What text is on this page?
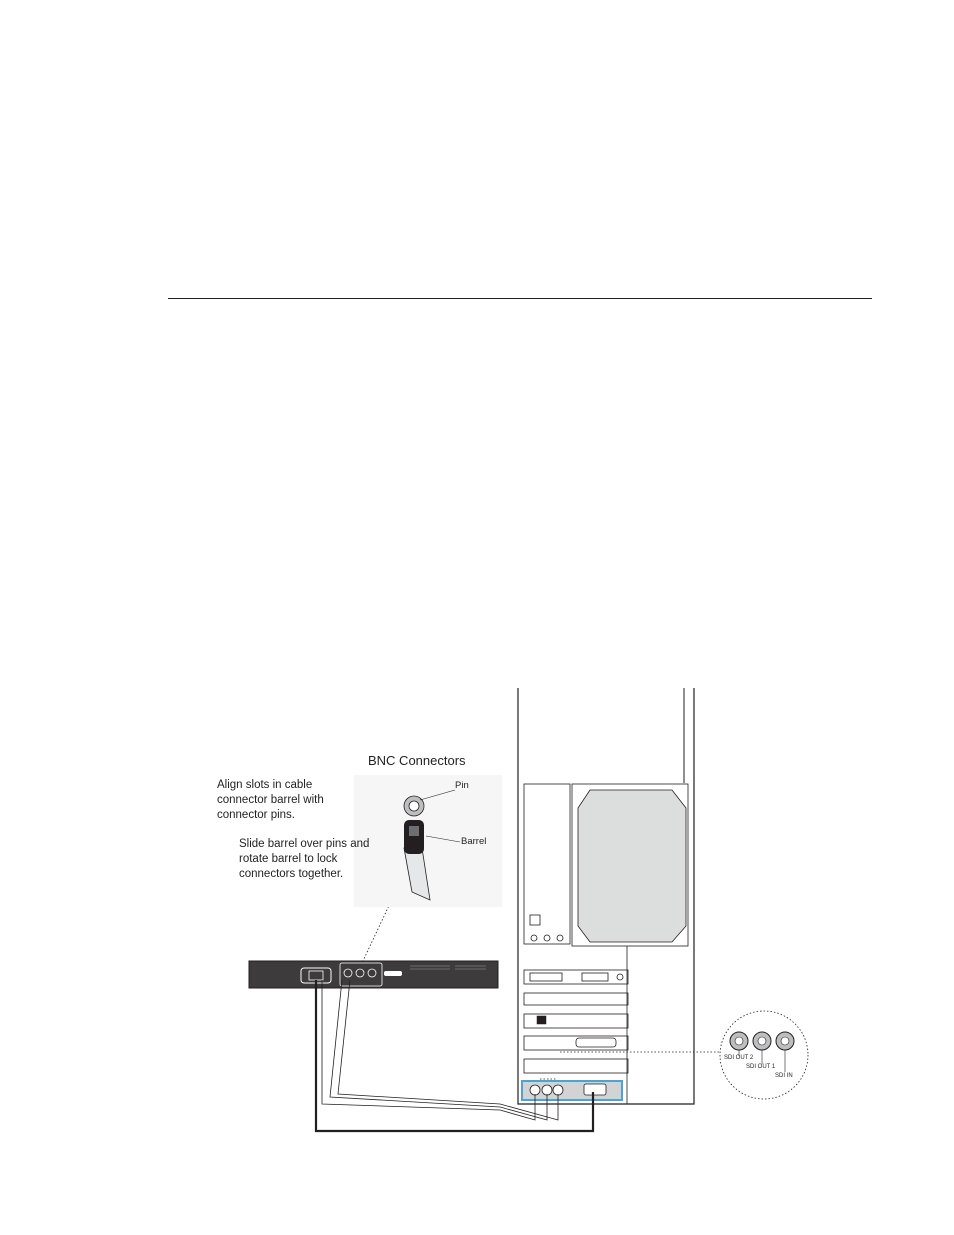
BNC Connectors
Align slots in cable connector barrel with connector pins.
Slide barrel over pins and rotate barrel to lock connectors together.
Pin
Barrel
SDI OUT 2
SDI OUT 1
SDI IN
